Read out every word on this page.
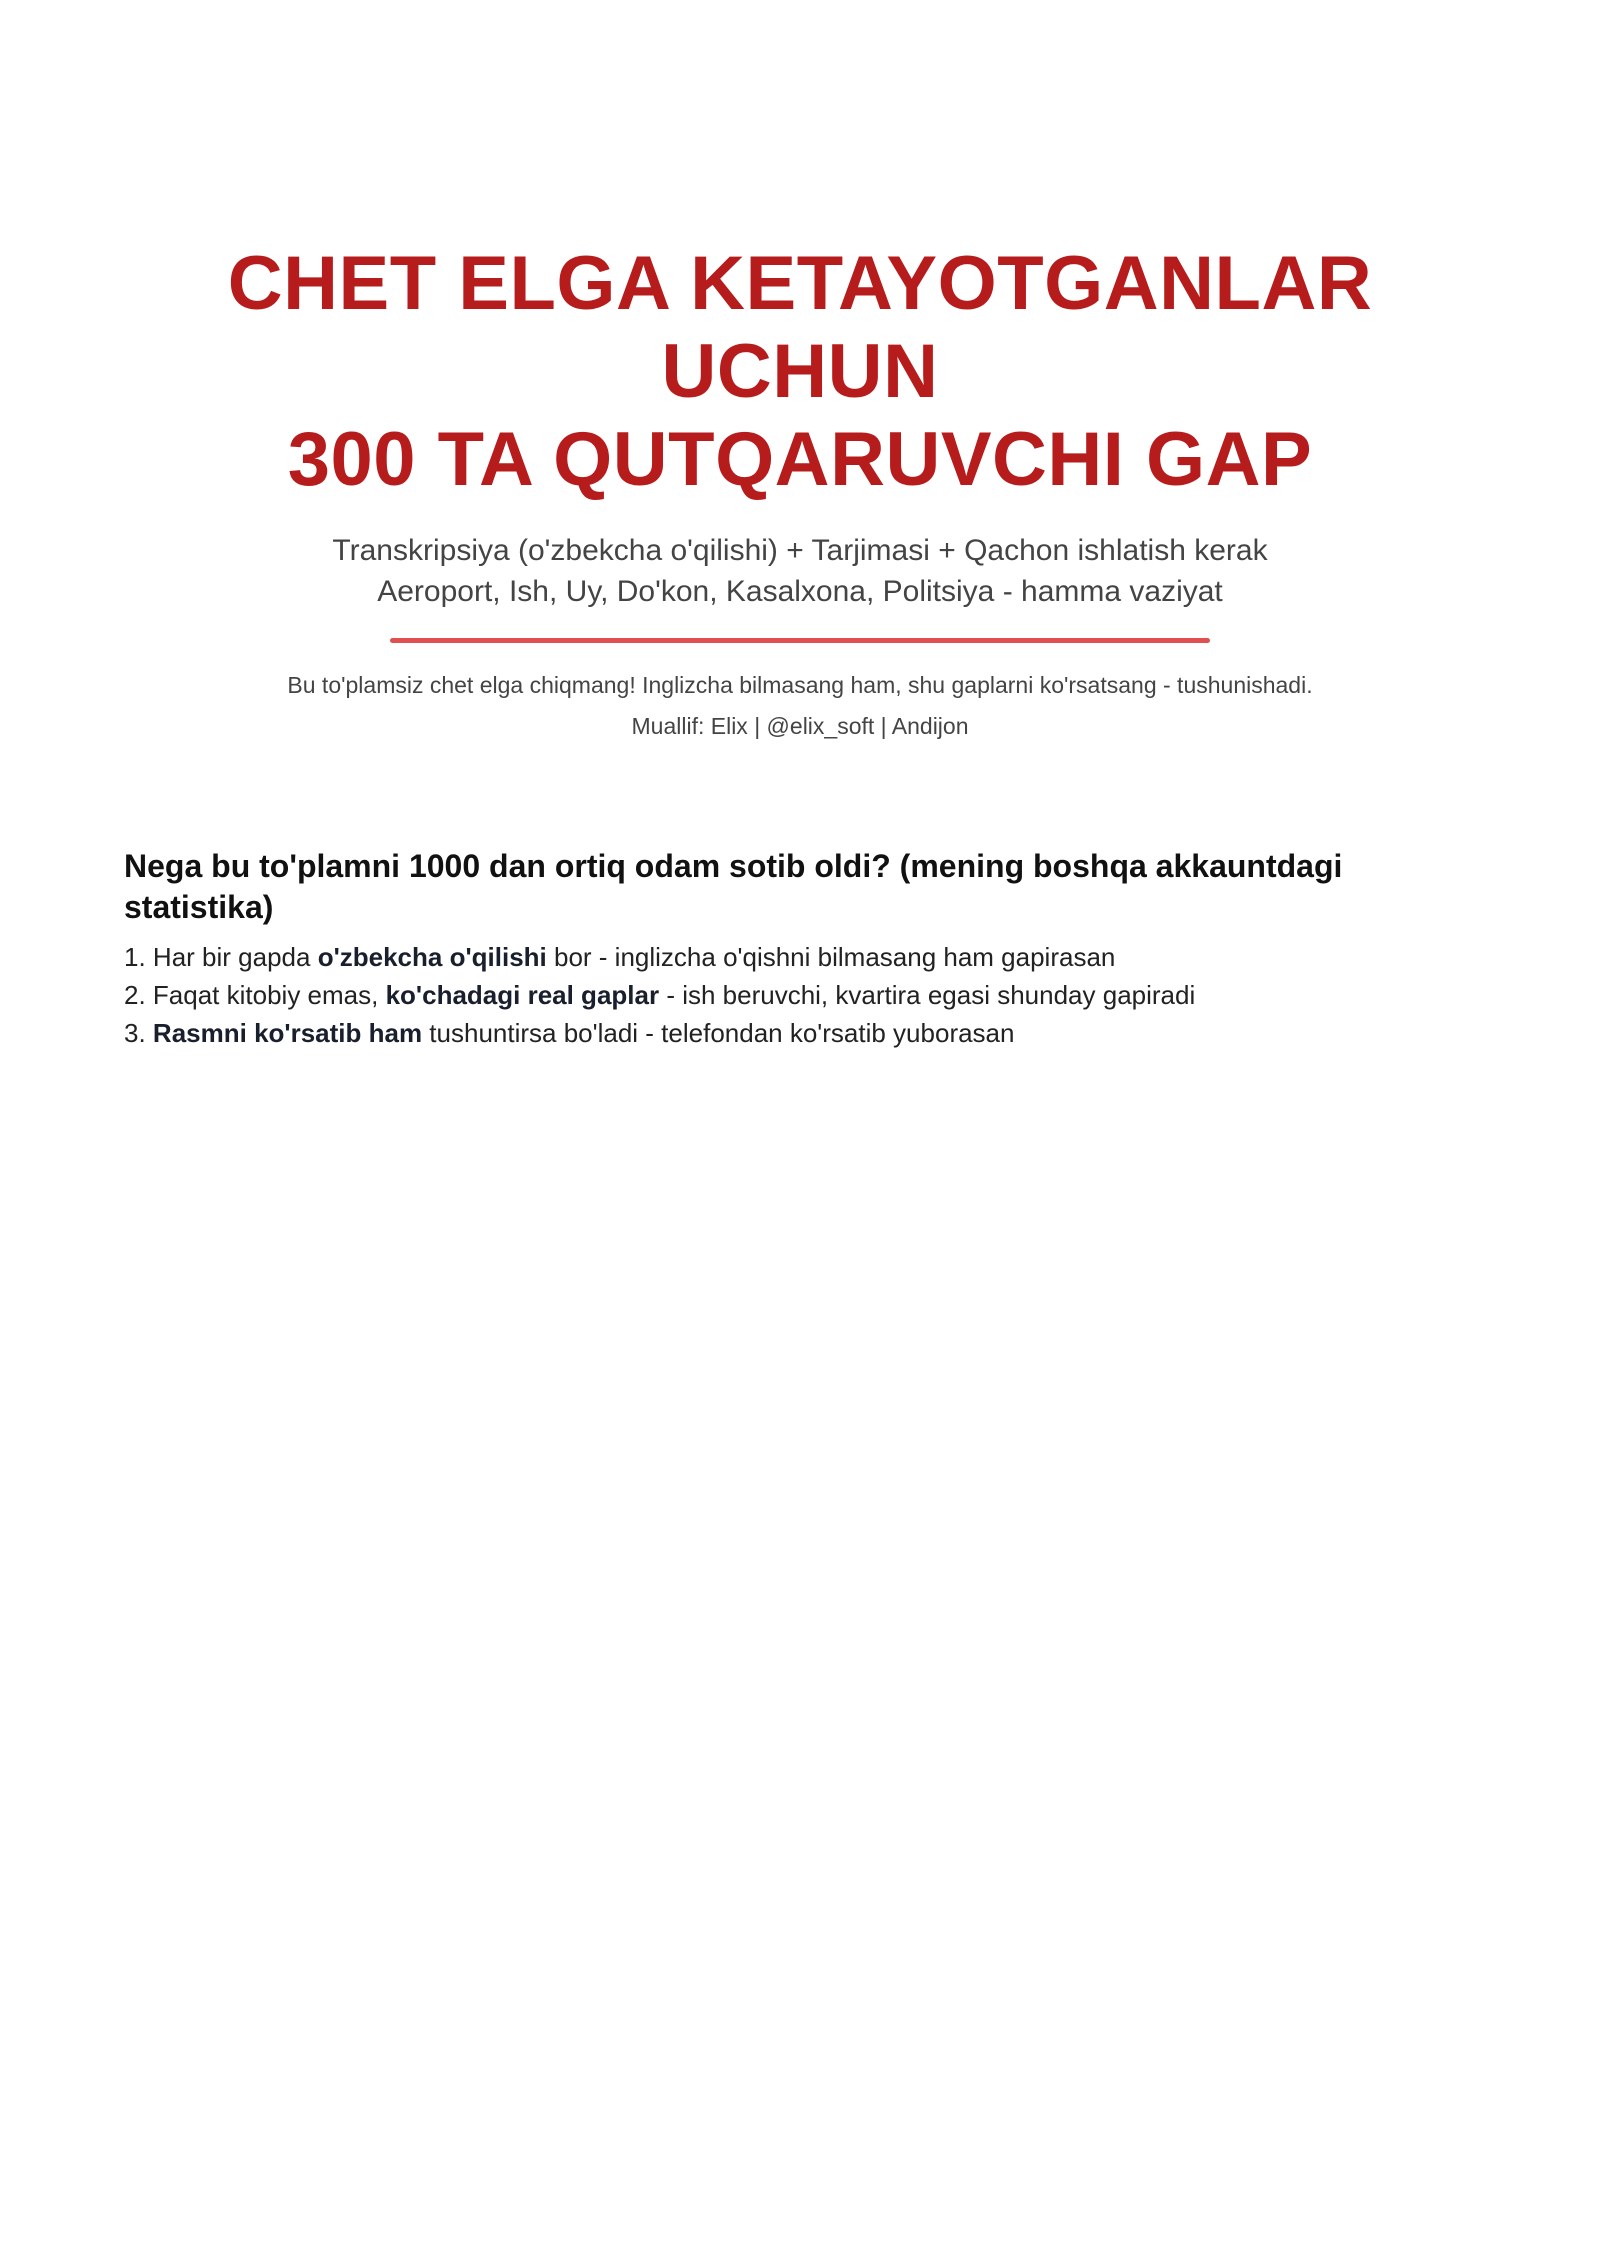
CHET ELGA KETAYOTGANLAR
UCHUN
300 TA QUTQARUVCHI GAP
Transkripsiya (o'zbekcha o'qilishi) + Tarjimasi + Qachon ishlatish kerak
Aeroport, Ish, Uy, Do'kon, Kasalxona, Politsiya - hamma vaziyat
Bu to'plamsiz chet elga chiqmang! Inglizcha bilmasang ham, shu gaplarni ko'rsatsang - tushunishadi.
Muallif: Elix | @elix_soft | Andijon
Nega bu to'plamni 1000 dan ortiq odam sotib oldi? (mening boshqa akkauntdagi statistika)
1. Har bir gapda o'zbekcha o'qilishi bor - inglizcha o'qishni bilmasang ham gapirasan
2. Faqat kitobiy emas, ko'chadagi real gaplar - ish beruvchi, kvartira egasi shunday gapiradi
3. Rasmni ko'rsatib ham tushuntirsa bo'ladi - telefondan ko'rsatib yuborasan
